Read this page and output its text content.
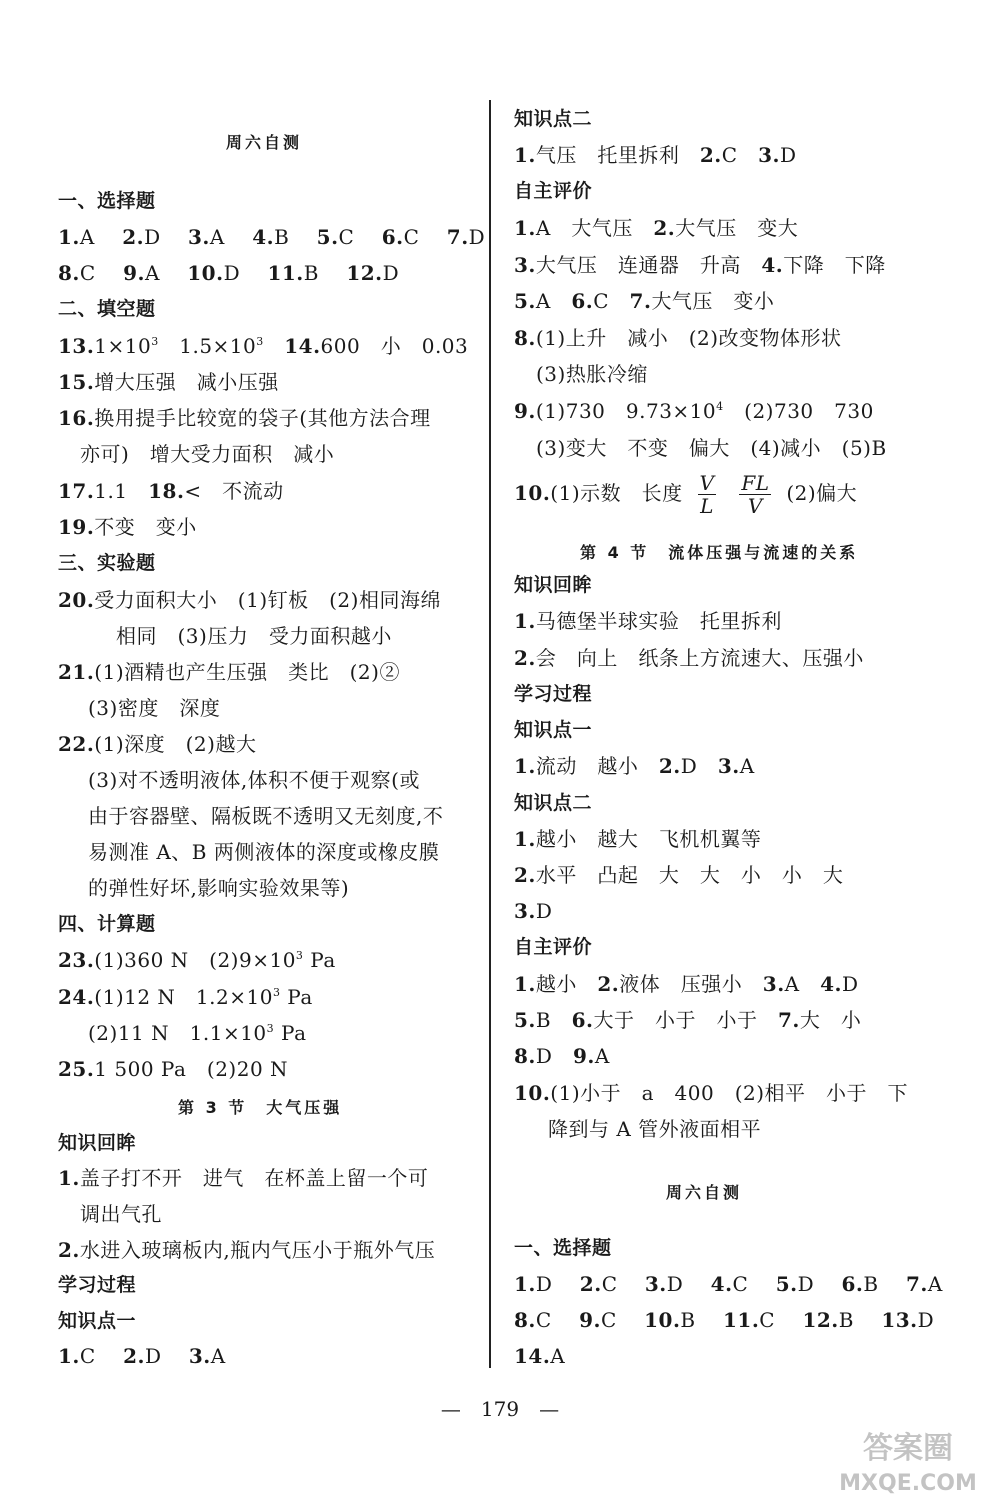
周六自测
一、选择题
1.A　 2.D　 3.A　 4.B　 5.C　 6.C　 7.D
8.C　 9.A　 10.D　 11.B　 12.D
二、填空题
$13.1\times 10^3$　 $1.5\times 10^3$　 14.600　小　0.03
15.增大压强　减小压强
16.换用提手比较宽的袋子(其他方法合理
亦可)　增大受力面积　减小
17.1.1　 18.<　不流动
19.不变　变小
三、实验题
20.受力面积大小　(1)钉板　(2)相同海绵
相同　(3)压力　受力面积越小
21.(1)酒精也产生压强　类比　(2)②
(3)密度　深度
22.(1)深度　(2)越大
(3)对不透明液体,体积不便于观察(或
由于容器壁、隔板既不透明又无刻度,不
易测准 A、B 两侧液体的深度或橡皮膜
的弹性好坏,影响实验效果等)
四、计算题
23.(1)360 N　$(2)9\times 10^3$ Pa
24.(1)12 N　$1.2\times 10^3$ Pa
(2)11 N　$1.1\times 10^3$ Pa
25.1 500 Pa　(2)20 N
第 3 节　大气压强
知识回眸
1.盖子打不开　进气　在杯盖上留一个可
调出气孔
2.水进入玻璃板内,瓶内气压小于瓶外气压
学习过程
知识点一
1.C　 2.D　 3.A
知识点二
1.气压　托里拆利　 2.C　 3.D
自主评价
1.A　大气压　 2.大气压　变大
3.大气压　连通器　升高　 4.下降　下降
5.A　 6.C　 7.大气压　变小
8.(1)上升　减小　(2)改变物体形状
(3)热胀冷缩
9.(1)730　$9.73\times 10^4$　(2)730　730
(3)变大　不变　偏大　(4)减小　(5)B
10.(1)示数　长度 $\frac{V}{L}$
$\frac{FL}{V} (2)$偏大
第 4 节　流体压强与流速的关系
知识回眸
1.马德堡半球实验　托里拆利
2.会　向上　纸条上方流速大、压强小
学习过程
知识点一
1.流动　越小　 2.D　 3.A
知识点二
1.越小　越大　飞机机翼等
2.水平　凸起　大　大　小　小　大
3.D
自主评价
1.越小　 2.液体　压强小　 3.A　 4.D
5.B　 6.大于　小于　小于　 7.大　小
8.D　 9.A
10.(1)小于　a　400　(2)相平　小于　下
降到与 A 管外液面相平
周六自测
一、选择题
1.D　 2.C　 3.D　 4.C　 5.D　 6.B　 7.A
8.C　 9.C　 10.B　 11.C　 12.B　 13.D
14.A
—　179　—
答案圈
MXQE.COM
